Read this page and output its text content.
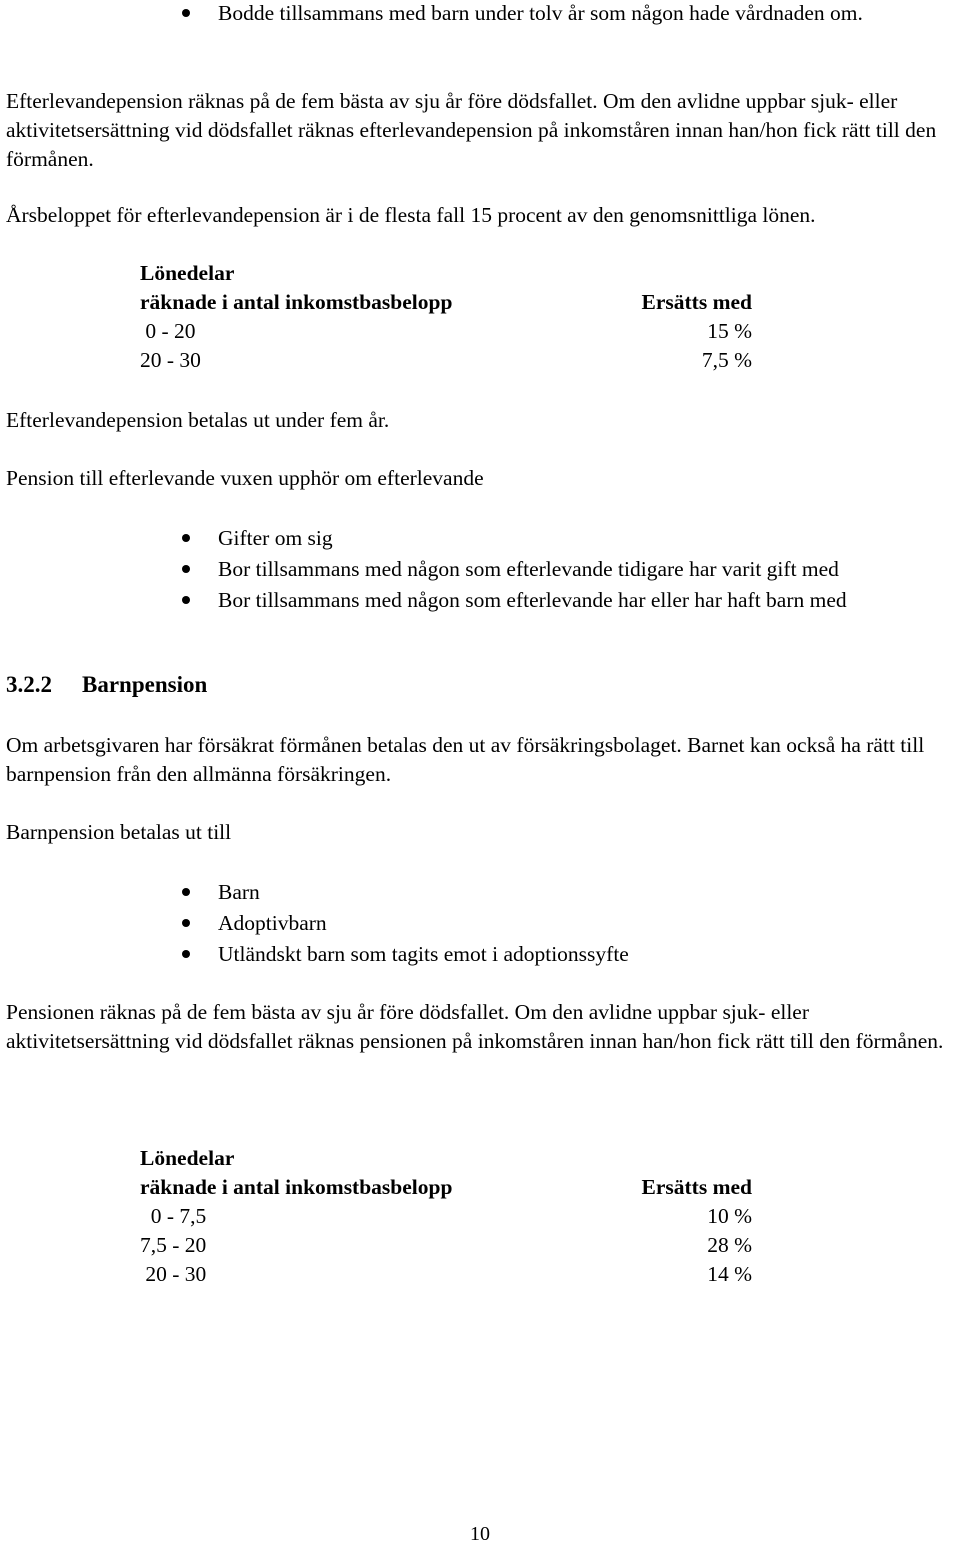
Bodde tillsammans med barn under tolv år som någon hade vårdnaden om.

Efterlevandepension räknas på de fem bästa av sju år före dödsfallet. Om den avlidne uppbar sjuk- eller aktivitetsersättning vid dödsfallet räknas efterlevandepension på inkomståren innan han/hon fick rätt till den förmånen.

Årsbeloppet för efterlevandepension är i de flesta fall 15 procent av den genomsnittliga lönen.

Lönedelar
räknade i antal inkomstbasbelopp	Ersätts med
0 - 20	15 %
20 - 30	7,5 %

Efterlevandepension betalas ut under fem år.

Pension till efterlevande vuxen upphör om efterlevande

Gifter om sig
Bor tillsammans med någon som efterlevande tidigare har varit gift med
Bor tillsammans med någon som efterlevande har eller har haft barn med
3.2.2 Barnpension

Om arbetsgivaren har försäkrat förmånen betalas den ut av försäkringsbolaget. Barnet kan också ha rätt till barnpension från den allmänna försäkringen.

Barnpension betalas ut till

Barn
Adoptivbarn
Utländskt barn som tagits emot i adoptionssyfte

Pensionen räknas på de fem bästa av sju år före dödsfallet. Om den avlidne uppbar sjuk- eller aktivitetsersättning vid dödsfallet räknas pensionen på inkomståren innan han/hon fick rätt till den förmånen.

Lönedelar
räknade i antal inkomstbasbelopp	Ersätts med
0 - 7,5	10 %
7,5 - 20	28 %
20 - 30	14 %
10
